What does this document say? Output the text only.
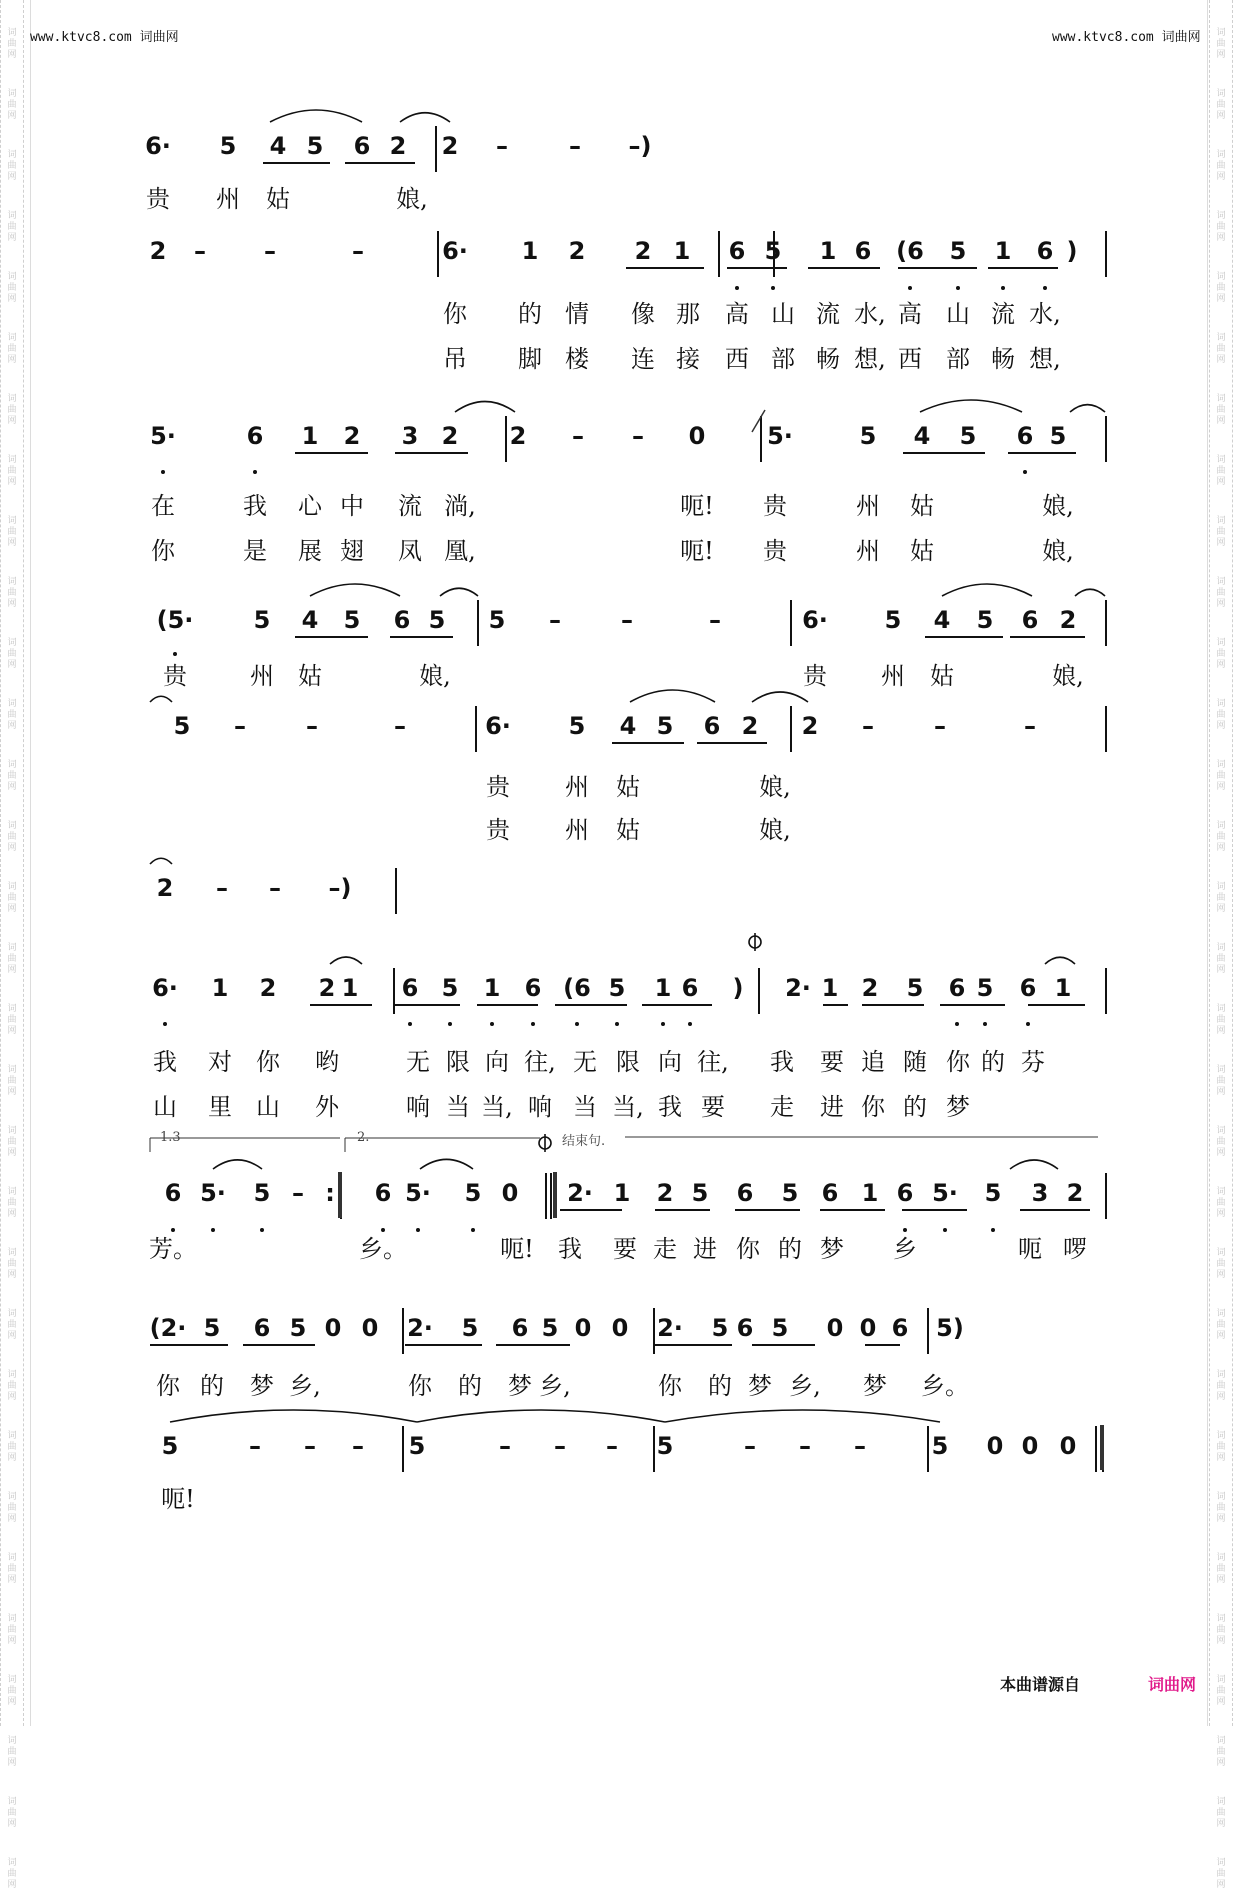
词
曲
网
词
曲
网
词
曲
网
词
曲
网
词
曲
网
词
曲
网
词
曲
网
词
曲
网
词
曲
网
词
曲
网
词
曲
网
词
曲
网
词
曲
网
词
曲
网
词
曲
网
词
曲
网
词
曲
网
词
曲
网
词
曲
网
词
曲
网
词
曲
网
词
曲
网
词
曲
网
词
曲
网
词
曲
网
词
曲
网
词
曲
网
词
曲
网
词
曲
网
词
曲
网
词
曲
网
词
曲
网
词
曲
网
词
曲
网
词
曲
网
词
曲
网
词
曲
网
词
曲
网
词
曲
网
词
曲
网
词
曲
网
词
曲
网
词
曲
网
词
曲
网
词
曲
网
词
曲
网
词
曲
网
词
曲
网
词
曲
网
词
曲
网
词
曲
网
词
曲
网
词
曲
网
词
曲
网
词
曲
网
词
曲
网
词
曲
网
词
曲
网
词
曲
网
词
曲
网
词
曲
网
词
曲
网
www.ktvc8.com 词曲网	www.ktvc8.com 词曲网
6· 5 4 5 6 2 2 –	– –)
贵 州 姑	娘,
2 – –	–	6· 1 2 2 1 6 5 1 6 (6 5 1 6 )
你 的 情 像 那 高 山 流 水, 高 山 流 水,
吊 脚 楼 连 接 西 部 畅 想, 西 部 畅 想,
5·	6 1 2 3 2 2 – – 0	5·	5 4 5 6 5
在	我 心 中 流 淌,	呃! 贵	州 姑	娘,
你	是 展 翅 凤 凰,	呃! 贵	州 姑	娘,
(5·	5 4 5 6 5 5 –	–	–	6· 5 4 5 6 2
贵	州 姑	娘,	贵 州 姑	娘,
5 –	–	–	6· 5 4 5 6 2 2 –	–	–
贵 州 姑	娘,
贵 州 姑	娘,
2 – – –)
6· 1 2 2 1 6 5 1 6 (6 5 1 6 ) 2· 1 2 5 6 5 6 1
我 对 你 哟	无 限 向 往, 无 限 向 往, 我 要 追 随 你 的 芬
山 里 山 外	响 当 当, 响 当 当, 我 要 走 进 你 的 梦
6 5· 5 – : 6 5· 5 0 2· 1 2 5 6 5 6 1 6 5· 5 3 2
芳。	乡。	呃! 我 要 走 进 你 的 梦 乡	呃 啰
(2· 5 6 5 0 0 2· 5 6 5 0 0 2· 5 6 5 0 0 6 5)
你 的 梦 乡,	你 的 梦 乡,	你 的 梦 乡, 梦 乡。
5	– – – 5	– – – 5	– – –	5 0 0 0
呃!
1.3	2.	结束句.
本曲谱源自	词曲网
